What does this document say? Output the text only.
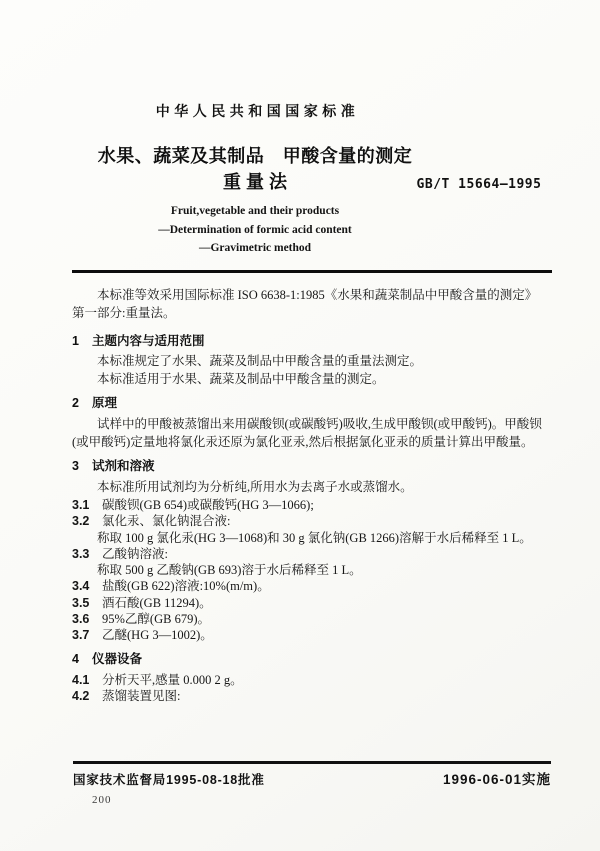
中华人民共和国国家标准
水果、蔬菜及其制品　甲酸含量的测定
重量法	GB/T 15664—1995
Fruit,vegetable and their products
—Determination of formic acid content
—Gravimetric method

本标准等效采用国际标准 ISO 6638-1:1985《水果和蔬菜制品中甲酸含量的测定》　第一部分:重量法。

1 主题内容与适用范围

本标准规定了水果、蔬菜及制品中甲酸含量的重量法测定。

本标准适用于水果、蔬菜及制品中甲酸含量的测定。

2 原理

试样中的甲酸被蒸馏出来用碳酸钡(或碳酸钙)吸收,生成甲酸钡(或甲酸钙)。甲酸钡(或甲酸钙)定量地将氯化汞还原为氯化亚汞,然后根据氯化亚汞的质量计算出甲酸量。

3 试剂和溶液

本标准所用试剂均为分析纯,所用水为去离子水或蒸馏水。

3.1 碳酸钡(GB 654)或碳酸钙(HG 3—1066);
3.2 氯化汞、氯化钠混合液:
称取 100 g 氯化汞(HG 3—1068)和 30 g 氯化钠(GB 1266)溶解于水后稀释至 1 L。
3.3 乙酸钠溶液:
称取 500 g 乙酸钠(GB 693)溶于水后稀释至 1 L。
3.4 盐酸(GB 622)溶液:10%(m/m)。
3.5 酒石酸(GB 11294)。
3.6 95%乙醇(GB 679)。
3.7 乙醚(HG 3—1002)。
4 仪器设备
4.1 分析天平,感量 0.000 2 g。
4.2 蒸馏装置见图:
国家技术监督局1995-08-18批准	1996-06-01实施
200
